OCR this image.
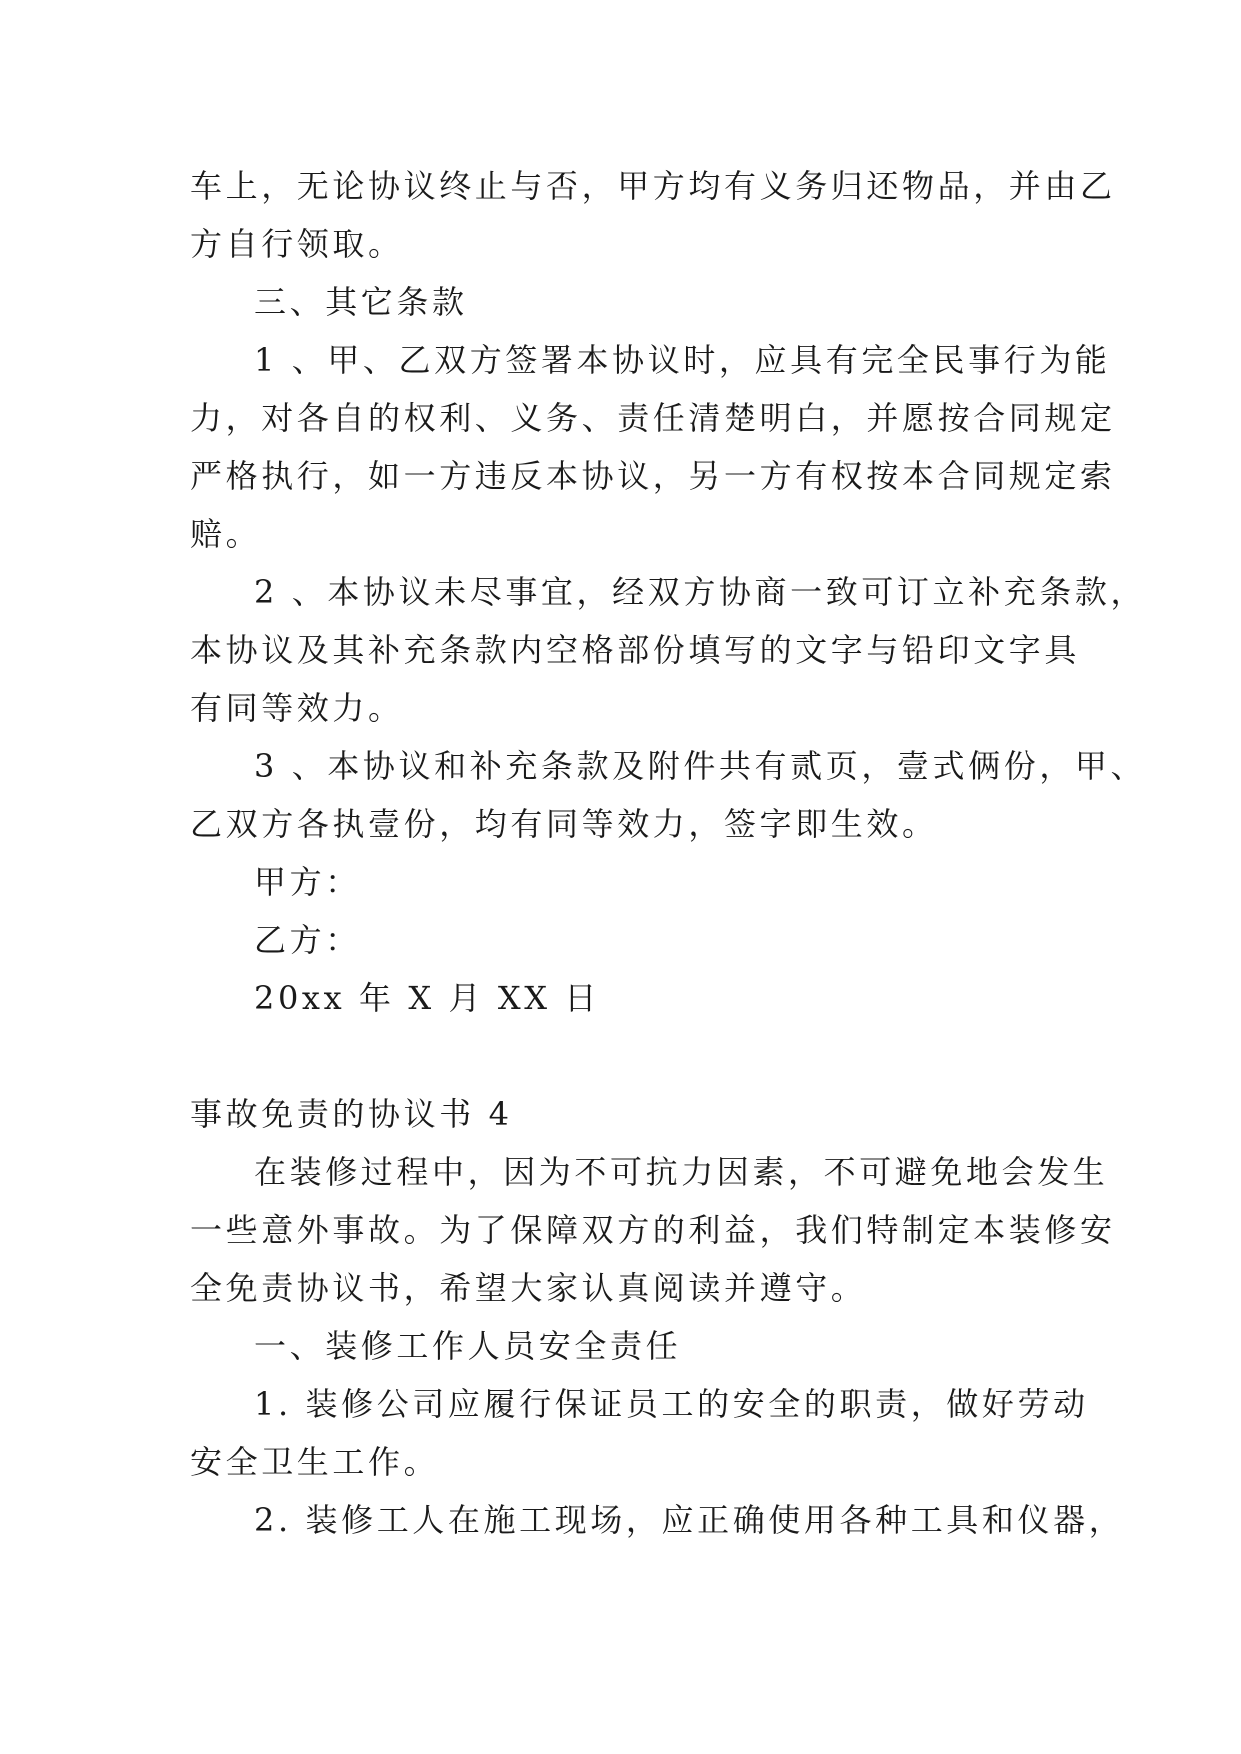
车上，无论协议终止与否，甲方均有义务归还物品，并由乙
方自行领取。
三、其它条款
1 、甲、乙双方签署本协议时，应具有完全民事行为能
力，对各自的权利、义务、责任清楚明白，并愿按合同规定
严格执行，如一方违反本协议，另一方有权按本合同规定索
赔。
2 、本协议未尽事宜，经双方协商一致可订立补充条款，
本协议及其补充条款内空格部份填写的文字与铅印文字具
有同等效力。
3 、本协议和补充条款及附件共有贰页，壹式俩份，甲、
乙双方各执壹份，均有同等效力，签字即生效。
甲方：
乙方：
20xx 年 X 月 XX 日
事故免责的协议书 4
在装修过程中，因为不可抗力因素，不可避免地会发生
一些意外事故。为了保障双方的利益，我们特制定本装修安
全免责协议书，希望大家认真阅读并遵守。
一、装修工作人员安全责任
1. 装修公司应履行保证员工的安全的职责，做好劳动
安全卫生工作。
2. 装修工人在施工现场，应正确使用各种工具和仪器，
